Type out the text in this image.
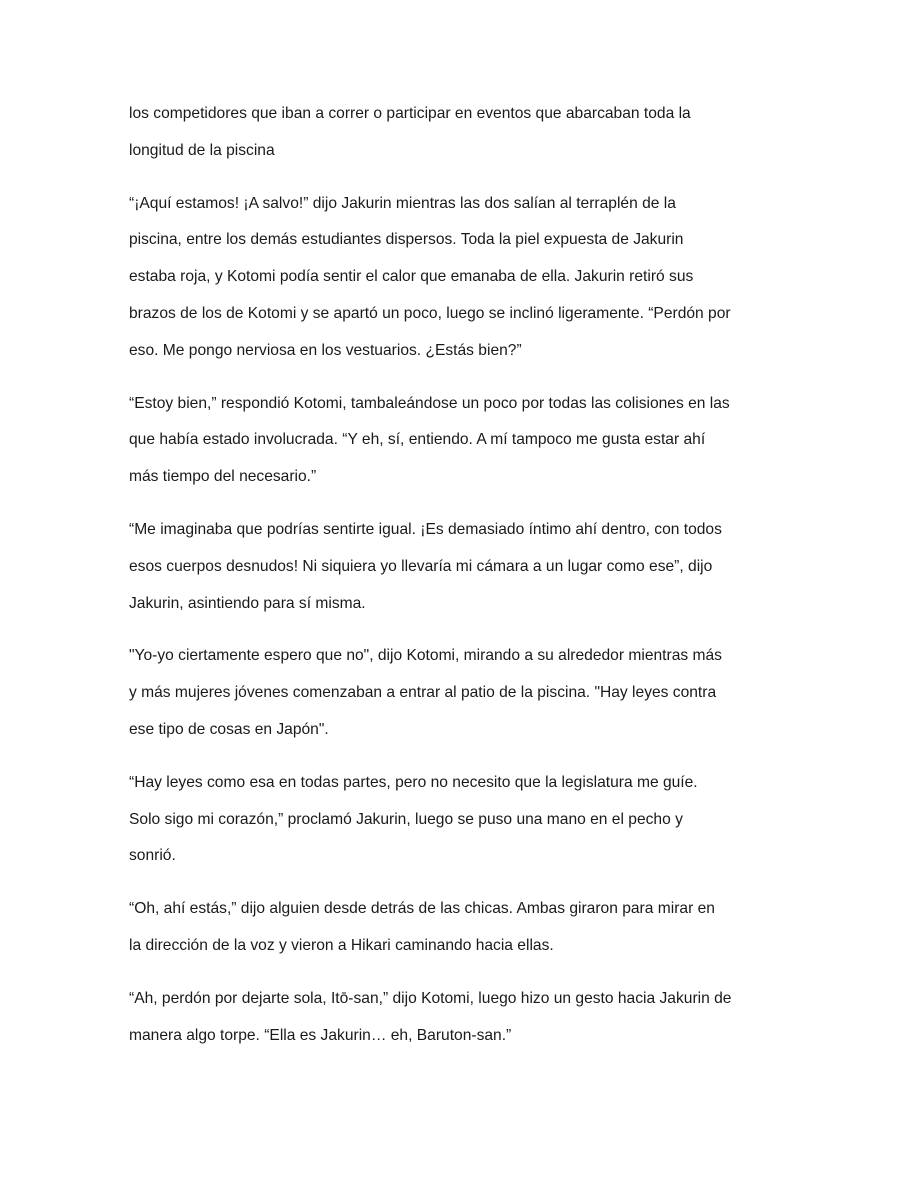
los competidores que iban a correr o participar en eventos que abarcaban toda la
longitud de la piscina

“¡Aquí estamos! ¡A salvo!” dijo Jakurin mientras las dos salían al terraplén de la
piscina, entre los demás estudiantes dispersos. Toda la piel expuesta de Jakurin
estaba roja, y Kotomi podía sentir el calor que emanaba de ella. Jakurin retiró sus
brazos de los de Kotomi y se apartó un poco, luego se inclinó ligeramente. “Perdón por
eso. Me pongo nerviosa en los vestuarios. ¿Estás bien?”

“Estoy bien,” respondió Kotomi, tambaleándose un poco por todas las colisiones en las
que había estado involucrada. “Y eh, sí, entiendo. A mí tampoco me gusta estar ahí
más tiempo del necesario.”

“Me imaginaba que podrías sentirte igual. ¡Es demasiado íntimo ahí dentro, con todos
esos cuerpos desnudos! Ni siquiera yo llevaría mi cámara a un lugar como ese”, dijo
Jakurin, asintiendo para sí misma.

"Yo-yo ciertamente espero que no", dijo Kotomi, mirando a su alrededor mientras más
y más mujeres jóvenes comenzaban a entrar al patio de la piscina. "Hay leyes contra
ese tipo de cosas en Japón".

“Hay leyes como esa en todas partes, pero no necesito que la legislatura me guíe.
Solo sigo mi corazón,” proclamó Jakurin, luego se puso una mano en el pecho y
sonrió.

“Oh, ahí estás,” dijo alguien desde detrás de las chicas. Ambas giraron para mirar en
la dirección de la voz y vieron a Hikari caminando hacia ellas.

“Ah, perdón por dejarte sola, Itō-san,” dijo Kotomi, luego hizo un gesto hacia Jakurin de
manera algo torpe. “Ella es Jakurin… eh, Baruton-san.”
